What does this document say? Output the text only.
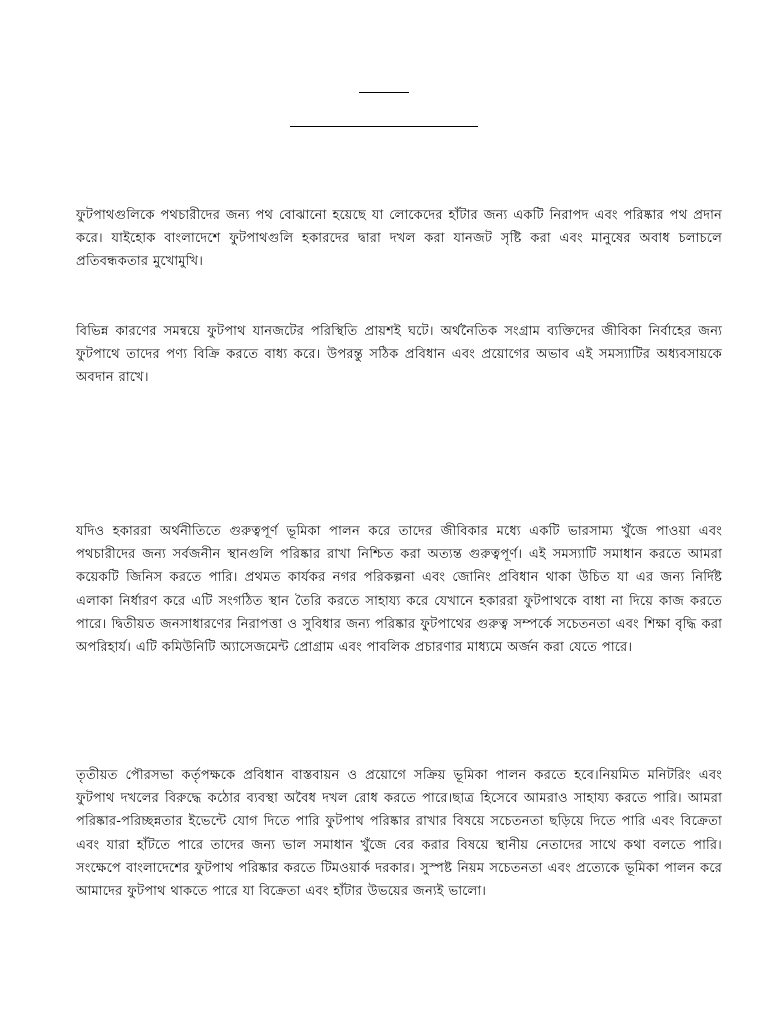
ফুটপাথগুলিকে পথচারীদের জন্য পথ বোঝানো হয়েছে যা লোকেদের হাঁটার জন্য একটি নিরাপদ এবং পরিষ্কার পথ প্রদান করে। যাইহোক বাংলাদেশে ফুটপাথগুলি হকারদের দ্বারা দখল করা যানজট সৃষ্টি করা এবং মানুষের অবাধ চলাচলে প্রতিবন্ধকতার মুখোমুখি।

বিভিন্ন কারণের সমন্বয়ে ফুটপাথ যানজটের পরিস্থিতি প্রায়শই ঘটে। অর্থনৈতিক সংগ্রাম ব্যক্তিদের জীবিকা নির্বাহের জন্য ফুটপাথে তাদের পণ্য বিক্রি করতে বাধ্য করে। উপরন্তু সঠিক প্রবিধান এবং প্রয়োগের অভাব এই সমস্যাটির অধ্যবসায়কে অবদান রাখে।

যদিও হকাররা অর্থনীতিতে গুরুত্বপূর্ণ ভূমিকা পালন করে তাদের জীবিকার মধ্যে একটি ভারসাম্য খুঁজে পাওয়া এবং পথচারীদের জন্য সর্বজনীন স্থানগুলি পরিষ্কার রাখা নিশ্চিত করা অত্যন্ত গুরুত্বপূর্ণ। এই সমস্যাটি সমাধান করতে আমরা কয়েকটি জিনিস করতে পারি। প্রথমত কার্যকর নগর পরিকল্পনা এবং জোনিং প্রবিধান থাকা উচিত যা এর জন্য নির্দিষ্ট এলাকা নির্ধারণ করে এটি সংগঠিত স্থান তৈরি করতে সাহায্য করে যেখানে হকাররা ফুটপাথকে বাধা না দিয়ে কাজ করতে পারে। দ্বিতীয়ত জনসাধারণের নিরাপত্তা ও সুবিধার জন্য পরিষ্কার ফুটপাথের গুরুত্ব সম্পর্কে সচেতনতা এবং শিক্ষা বৃদ্ধি করা অপরিহার্য। এটি কমিউনিটি অ্যাসেজমেন্ট প্রোগ্রাম এবং পাবলিক প্রচারণার মাধ্যমে অর্জন করা যেতে পারে।

তৃতীয়ত পৌরসভা কর্তৃপক্ষকে প্রবিধান বাস্তবায়ন ও প্রয়োগে সক্রিয় ভূমিকা পালন করতে হবে।নিয়মিত মনিটরিং এবং ফুটপাথ দখলের বিরুদ্ধে কঠোর ব্যবস্থা অবৈধ দখল রোধ করতে পারে।ছাত্র হিসেবে আমরাও সাহায্য করতে পারি। আমরা পরিষ্কার-পরিচ্ছন্নতার ইভেন্টে যোগ দিতে পারি ফুটপাথ পরিষ্কার রাখার বিষয়ে সচেতনতা ছড়িয়ে দিতে পারি এবং বিক্রেতা এবং যারা হাঁটতে পারে তাদের জন্য ভাল সমাধান খুঁজে বের করার বিষয়ে স্থানীয় নেতাদের সাথে কথা বলতে পারি। সংক্ষেপে বাংলাদেশের ফুটপাথ পরিষ্কার করতে টিমওয়ার্ক দরকার। সুস্পষ্ট নিয়ম সচেতনতা এবং প্রত্যেকে ভূমিকা পালন করে আমাদের ফুটপাথ থাকতে পারে যা বিক্রেতা এবং হাঁটার উভয়ের জন্যই ভালো।
